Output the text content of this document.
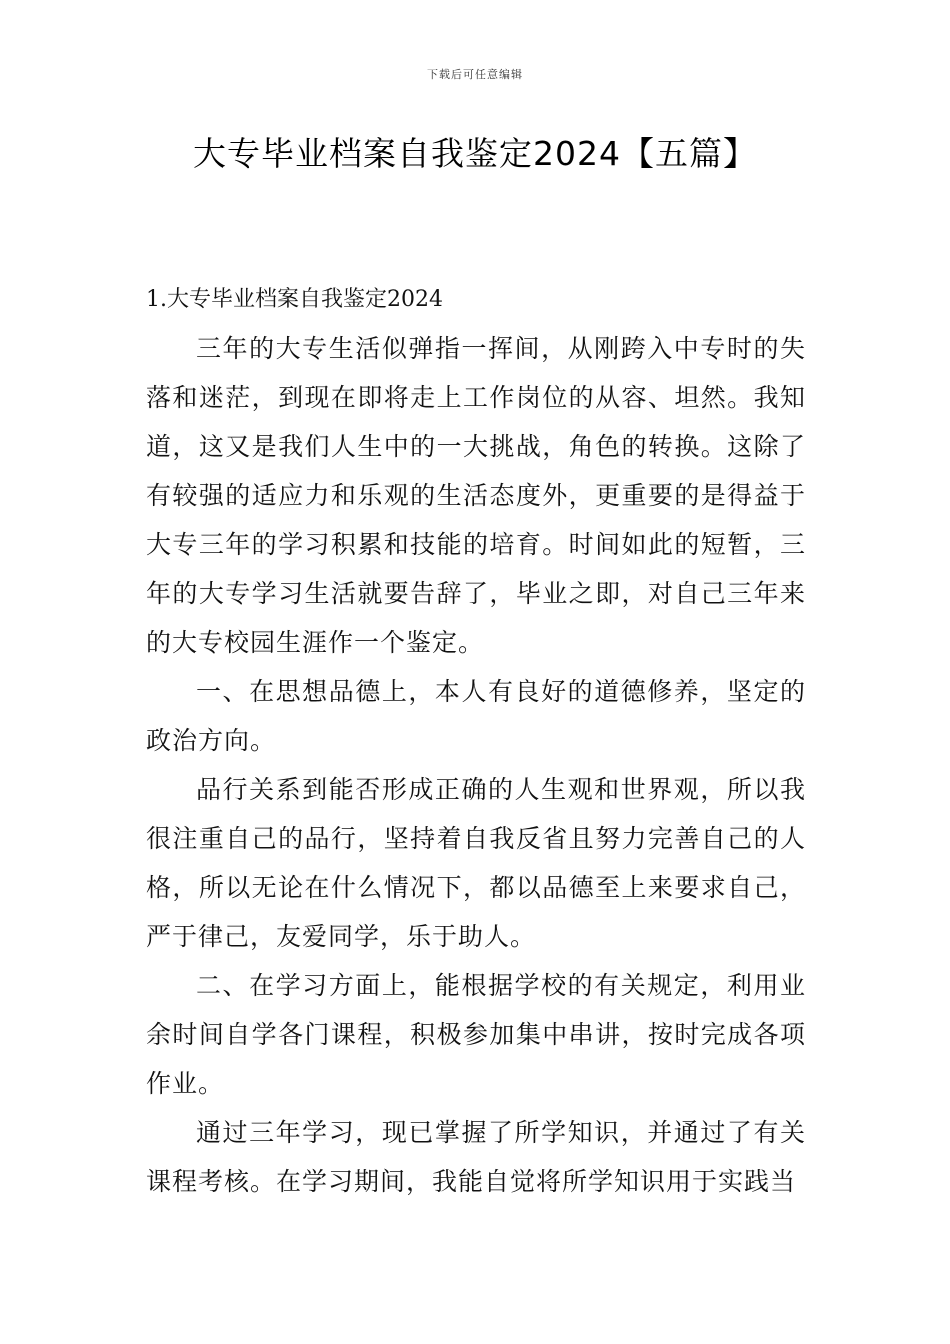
下载后可任意编辑
大专毕业档案自我鉴定2024【五篇】

1.大专毕业档案自我鉴定2024

三年的大专生活似弹指一挥间，从刚跨入中专时的失落和迷茫，到现在即将走上工作岗位的从容、坦然。我知道，这又是我们人生中的一大挑战，角色的转换。这除了有较强的适应力和乐观的生活态度外，更重要的是得益于大专三年的学习积累和技能的培育。时间如此的短暂，三年的大专学习生活就要告辞了，毕业之即，对自己三年来的大专校园生涯作一个鉴定。

一、在思想品德上，本人有良好的道德修养，坚定的政治方向。

品行关系到能否形成正确的人生观和世界观，所以我很注重自己的品行，坚持着自我反省且努力完善自己的人格，所以无论在什么情况下，都以品德至上来要求自己，严于律己，友爱同学，乐于助人。

二、在学习方面上，能根据学校的有关规定，利用业余时间自学各门课程，积极参加集中串讲，按时完成各项作业。

通过三年学习，现已掌握了所学知识，并通过了有关课程考核。在学习期间，我能自觉将所学知识用于实践当
